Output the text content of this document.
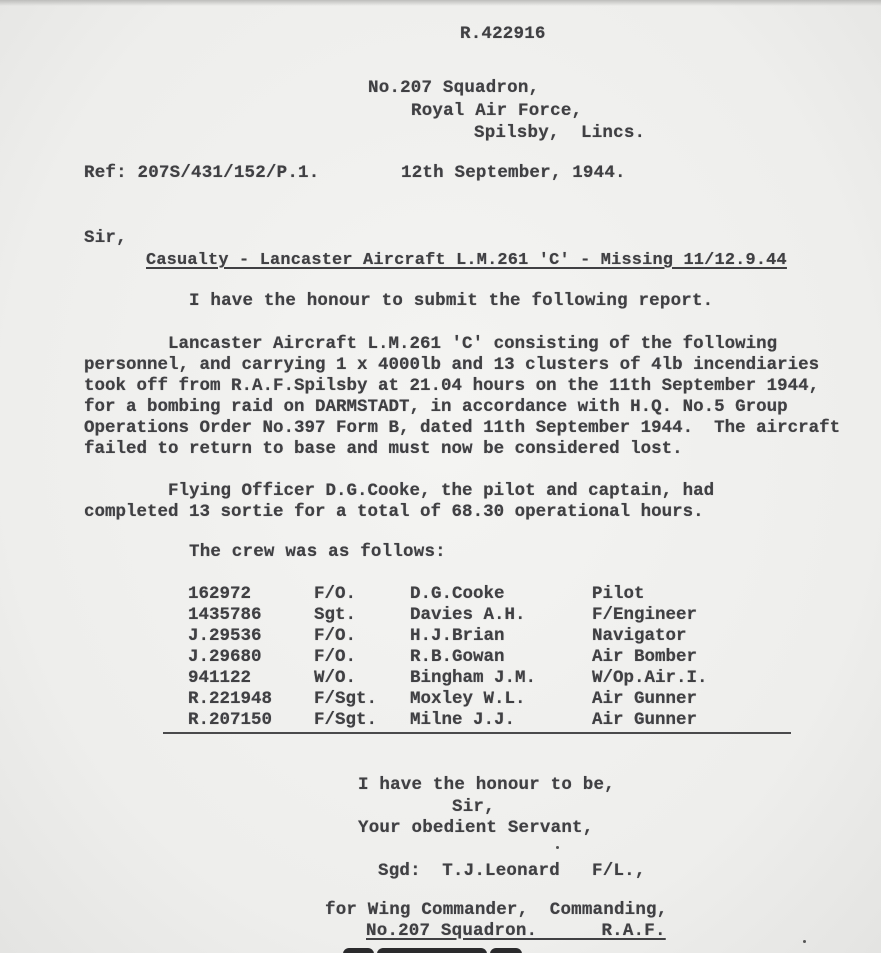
R.422916
No.207 Squadron,
Royal Air Force,
Spilsby,  Lincs.
Ref: 207S/431/152/P.1.	12th September, 1944.
Sir,
Casualty - Lancaster Aircraft L.M.261 'C' - Missing 11/12.9.44
I have the honour to submit the following report.
Lancaster Aircraft L.M.261 'C' consisting of the following
personnel, and carrying 1 x 4000lb and 13 clusters of 4lb incendiaries
took off from R.A.F.Spilsby at 21.04 hours on the 11th September 1944,
for a bombing raid on DARMSTADT, in accordance with H.Q. No.5 Group
Operations Order No.397 Form B, dated 11th September 1944.  The aircraft
failed to return to base and must now be considered lost.
Flying Officer D.G.Cooke, the pilot and captain, had
completed 13 sortie for a total of 68.30 operational hours.
The crew was as follows:
162972	F/O.	D.G.Cooke	Pilot
1435786	Sgt.	Davies A.H.	F/Engineer
J.29536	F/O.	H.J.Brian	Navigator
J.29680	F/O.	R.B.Gowan	Air Bomber
941122	W/O.	Bingham J.M.	W/Op.Air.I.
R.221948 F/Sgt. Moxley W.L.	Air Gunner
R.207150 F/Sgt. Milne J.J.	Air Gunner
I have the honour to be,
Sir,
Your obedient Servant,
Sgd:  T.J.Leonard   F/L.,
for Wing Commander,  Commanding,
No.207 Squadron.      R.A.F.
